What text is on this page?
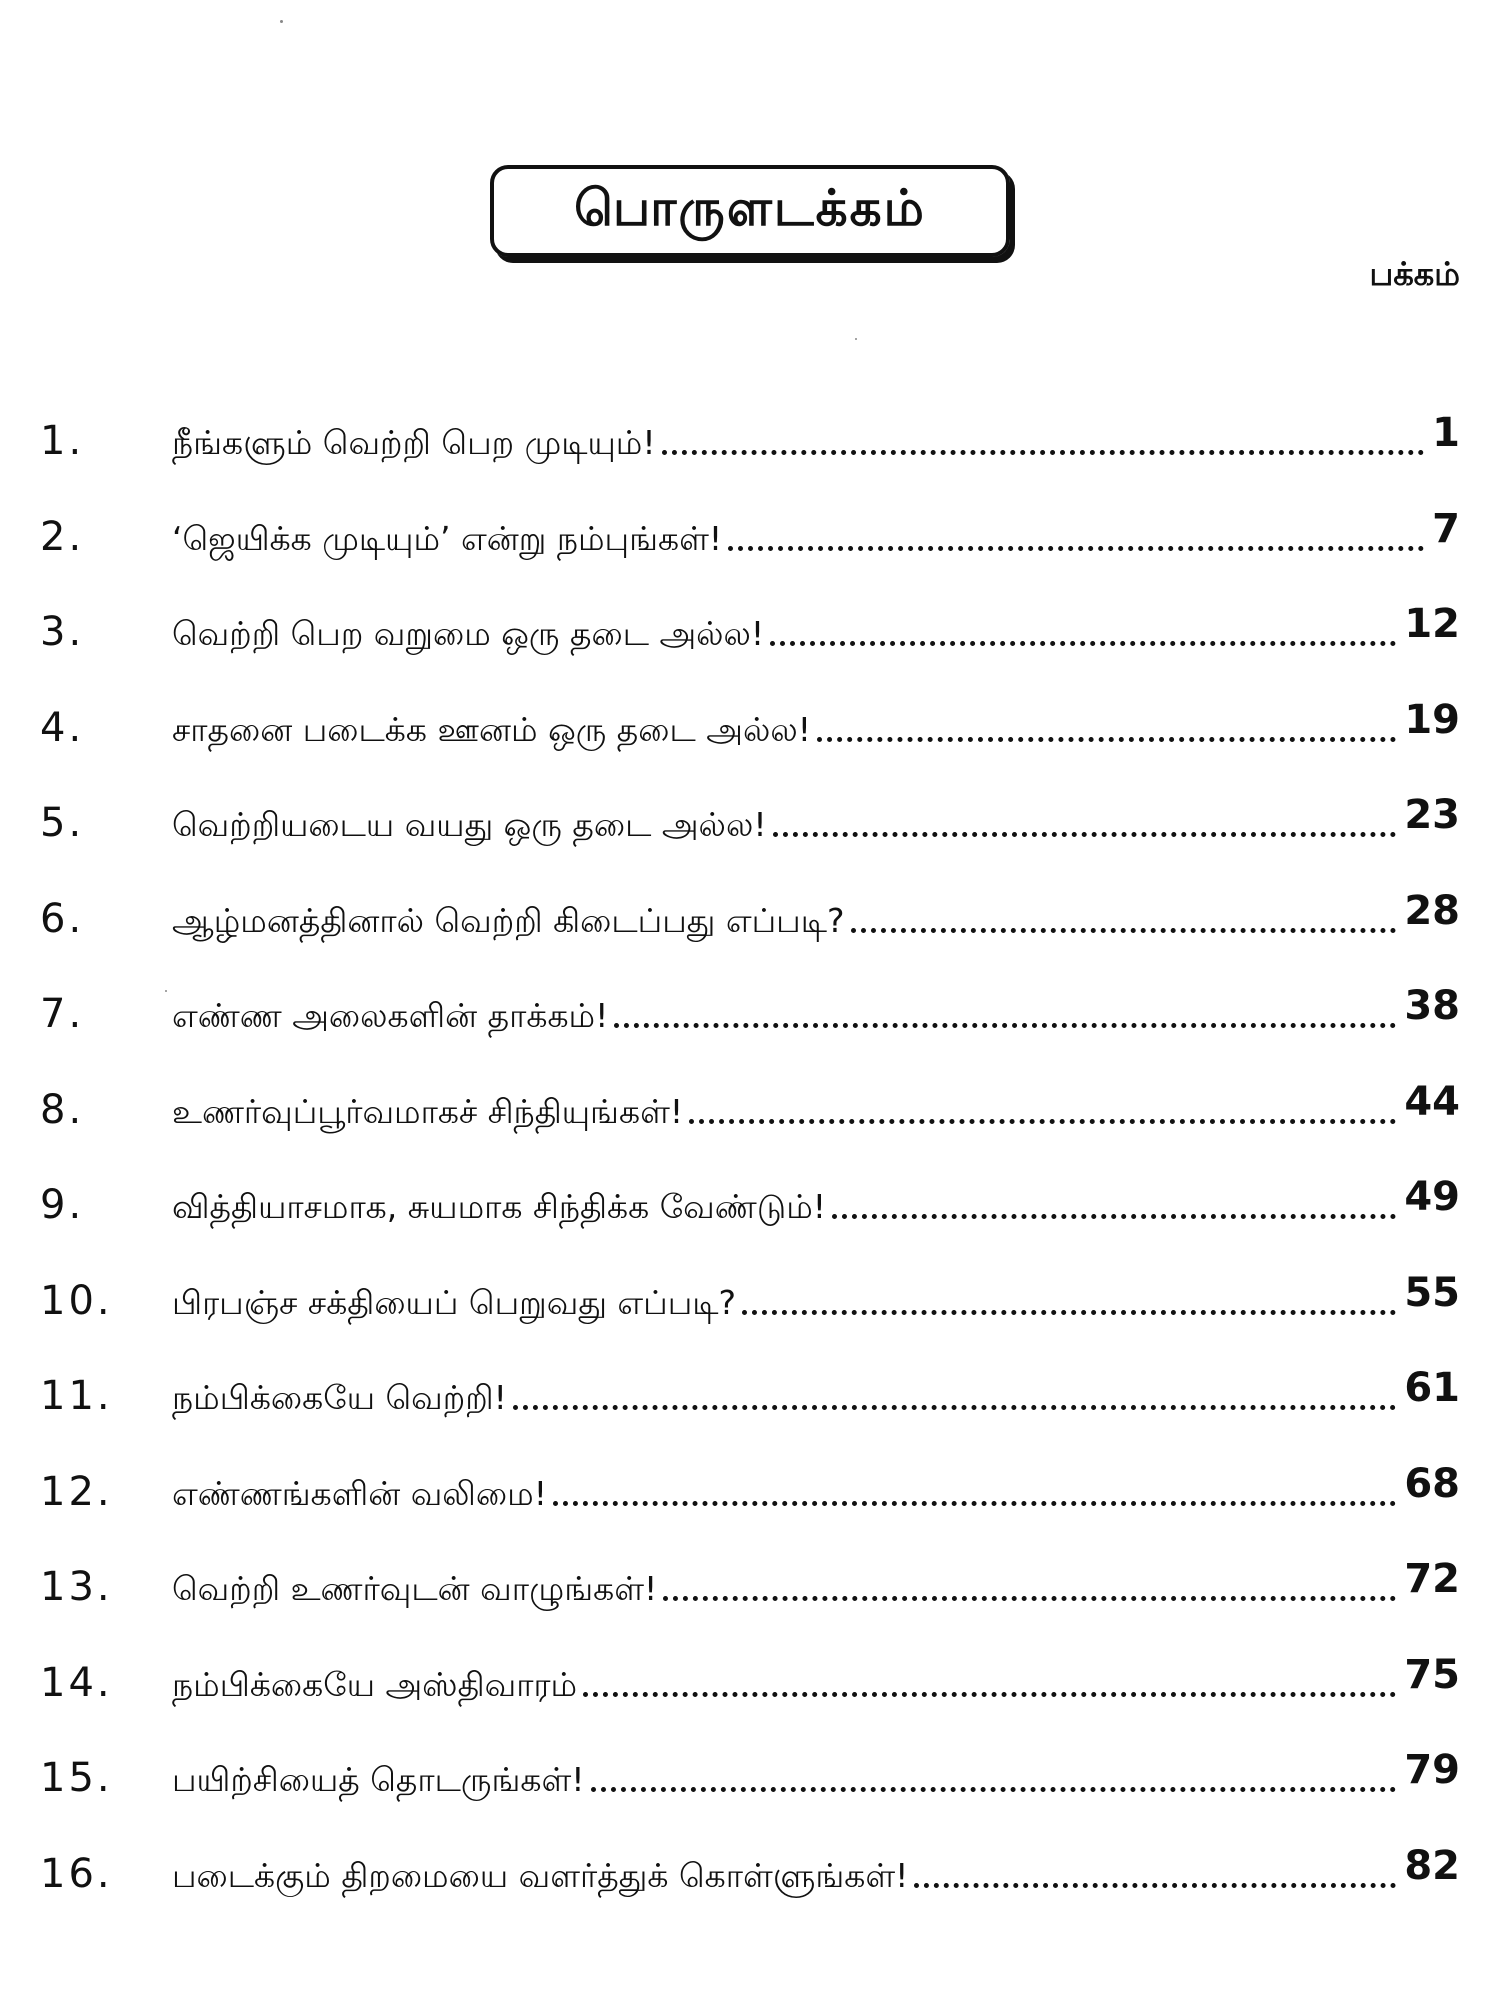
பொருளடக்கம்
பக்கம்
1.	நீங்களும் வெற்றி பெற முடியும்!	1
2.	‘ஜெயிக்க முடியும்’ என்று நம்புங்கள்!	7
3.	வெற்றி பெற வறுமை ஒரு தடை அல்ல!	12
4.	சாதனை படைக்க ஊனம் ஒரு தடை அல்ல!	19
5.	வெற்றியடைய வயது ஒரு தடை அல்ல!	23
6.	ஆழ்மனத்தினால் வெற்றி கிடைப்பது எப்படி?	28
7.	எண்ண அலைகளின் தாக்கம்!	38
8.	உணர்வுப்பூர்வமாகச் சிந்தியுங்கள்!	44
9.	வித்தியாசமாக, சுயமாக சிந்திக்க வேண்டும்!	49
10.	பிரபஞ்ச சக்தியைப் பெறுவது எப்படி?	55
11.	நம்பிக்கையே வெற்றி!	61
12.	எண்ணங்களின் வலிமை!	68
13.	வெற்றி உணர்வுடன் வாழுங்கள்!	72
14.	நம்பிக்கையே அஸ்திவாரம்	75
15.	பயிற்சியைத் தொடருங்கள்!	79
16.	படைக்கும் திறமையை வளர்த்துக் கொள்ளுங்கள்!	82
